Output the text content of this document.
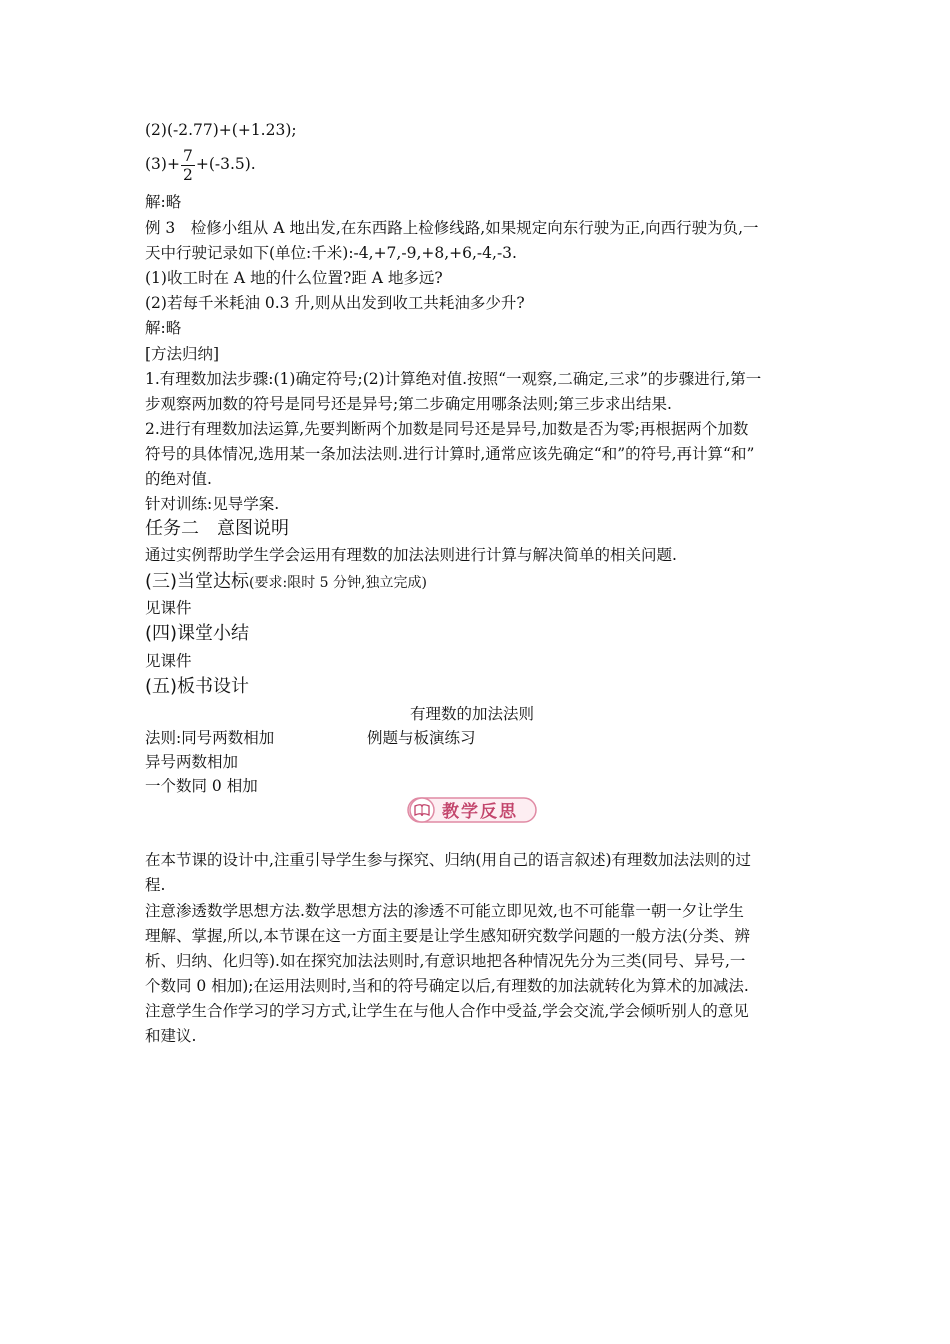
(2)(-2.77)+(+1.23);
$(3)+ \frac{7}{2} +(-3.5)$.
解:略
例 3　检修小组从 A 地出发,在东西路上检修线路,如果规定向东行驶为正,向西行驶为负,一
天中行驶记录如下(单位:千米):-4,+7,-9,+8,+6,-4,-3.
(1)收工时在 A 地的什么位置?距 A 地多远?
(2)若每千米耗油 0.3 升,则从出发到收工共耗油多少升?
解:略
[方法归纳]
1.有理数加法步骤:(1)确定符号;(2)计算绝对值.按照“一观察,二确定,三求”的步骤进行,第一
步观察两加数的符号是同号还是异号;第二步确定用哪条法则;第三步求出结果.
2.进行有理数加法运算,先要判断两个加数是同号还是异号,加数是否为零;再根据两个加数
符号的具体情况,选用某一条加法法则.进行计算时,通常应该先确定“和”的符号,再计算“和”
的绝对值.
针对训练:见导学案.
任务二　意图说明
通过实例帮助学生学会运用有理数的加法法则进行计算与解决简单的相关问题.
(三)当堂达标(要求:限时 5 分钟,独立完成)
见课件
(四)课堂小结
见课件
(五)板书设计
有理数的加法法则
法则:同号两数相加	例题与板演练习
异号两数相加
一个数同 0 相加
教学反思
在本节课的设计中,注重引导学生参与探究、归纳(用自己的语言叙述)有理数加法法则的过
程.
注意渗透数学思想方法.数学思想方法的渗透不可能立即见效,也不可能靠一朝一夕让学生
理解、掌握,所以,本节课在这一方面主要是让学生感知研究数学问题的一般方法(分类、辨
析、归纳、化归等).如在探究加法法则时,有意识地把各种情况先分为三类(同号、异号,一
个数同 0 相加);在运用法则时,当和的符号确定以后,有理数的加法就转化为算术的加减法.
注意学生合作学习的学习方式,让学生在与他人合作中受益,学会交流,学会倾听别人的意见
和建议.
